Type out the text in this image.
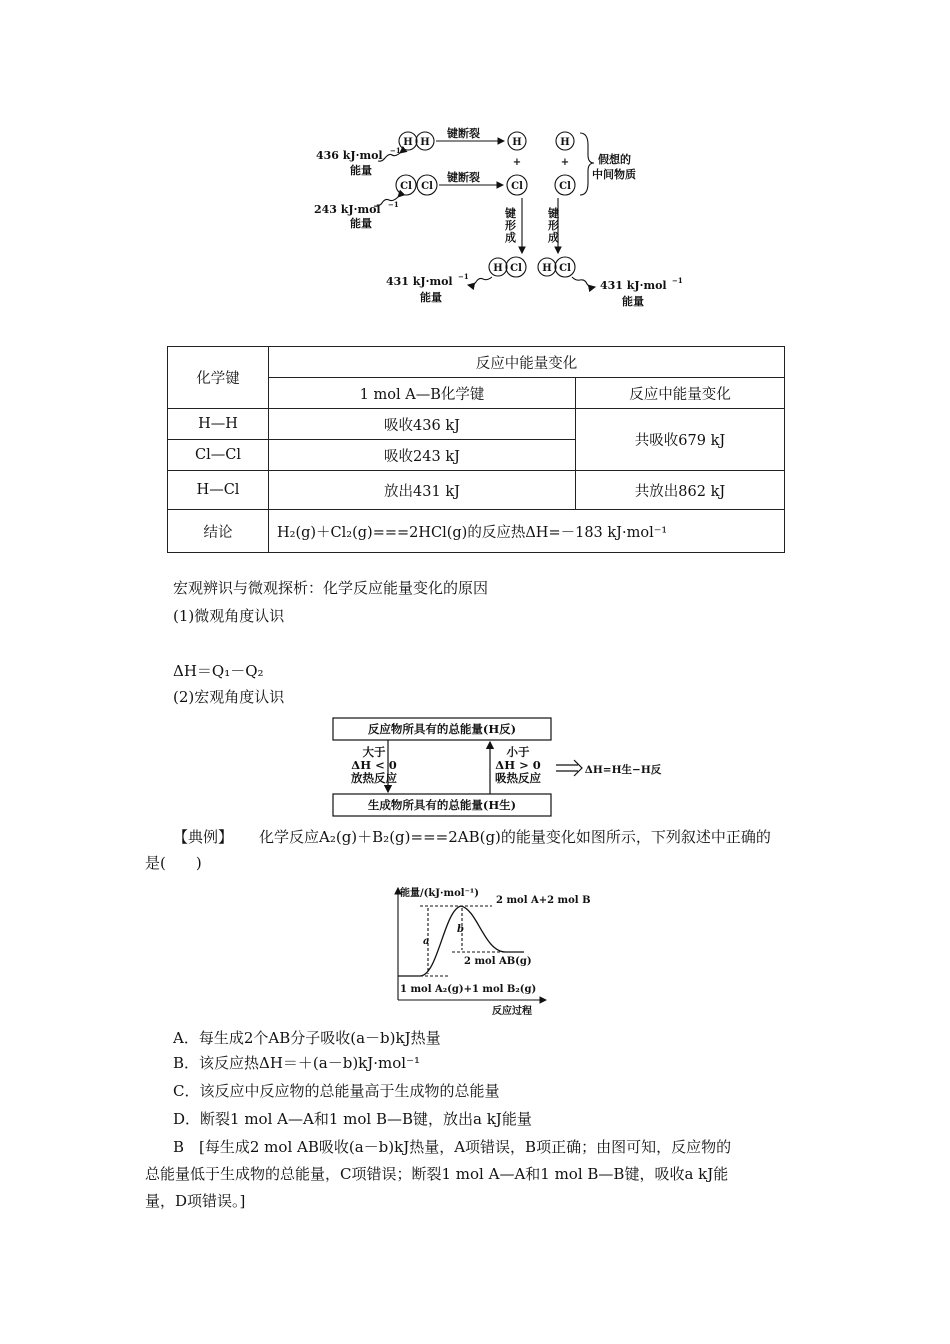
H H
Cl Cl
H	H
Cl	Cl
+	+
H Cl H Cl
键断裂
键断裂
键
形
成
键
形
成
假想的
中间物质
436 kJ·mol −1
能量
243 kJ·mol −1
能量
431 kJ·mol −1
能量
431 kJ·mol −1
能量
化学键	反应中能量变化	
	1 mol A—B化学键	反应中能量变化
H—H	吸收436 kJ	共吸收679 kJ
Cl—Cl	吸收243 kJ	
H—Cl	放出431 kJ	共放出862 kJ
结论	H₂(g)＋Cl₂(g)===2HCl(g)的反应热ΔH=－183 kJ·mol⁻¹	
宏观辨识与微观探析：化学反应能量变化的原因
(1)微观角度认识
ΔH＝Q₁－Q₂
(2)宏观角度认识
反应物所具有的总能量(H反)
生成物所具有的总能量(H生)
大于
ΔH < 0
放热反应
小于
ΔH > 0
吸热反应
ΔH=H生−H反
【典例】 化学反应A₂(g)＋B₂(g)===2AB(g)的能量变化如图所示，下列叙述中正确的
是(　　)
能量/(kJ·mol⁻¹)
反应过程
2 mol A+2 mol B
2 mol AB(g)
1 mol A₂(g)+1 mol B₂(g)
a
b
A．每生成2个AB分子吸收(a－b)kJ热量
B．该反应热ΔH＝＋(a－b)kJ·mol⁻¹
C．该反应中反应物的总能量高于生成物的总能量
D．断裂1 mol A—A和1 mol B—B键，放出a kJ能量
B　[每生成2 mol AB吸收(a－b)kJ热量，A项错误，B项正确；由图可知，反应物的
总能量低于生成物的总能量，C项错误；断裂1 mol A—A和1 mol B—B键，吸收a kJ能
量，D项错误。]
